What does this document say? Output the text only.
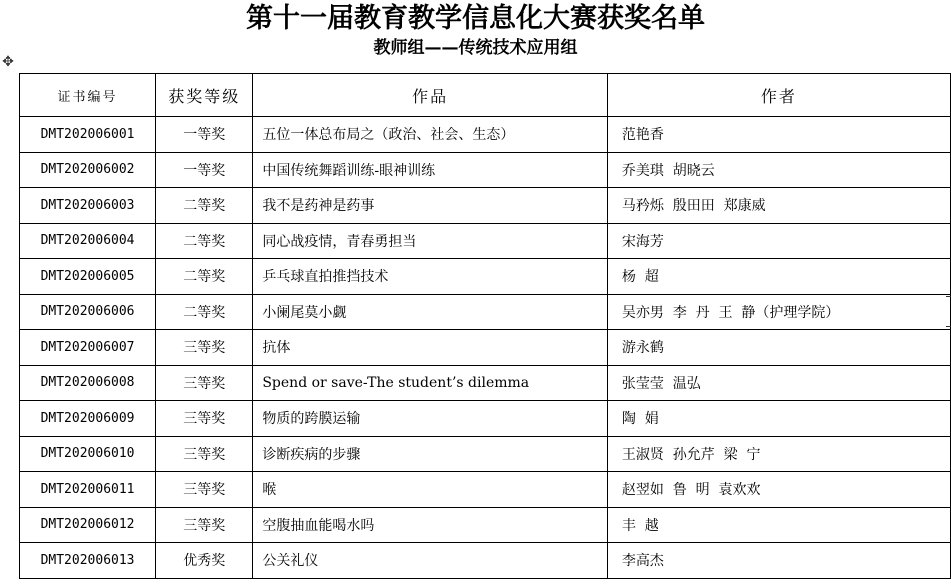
第十一届教育教学信息化大赛获奖名单
教师组——传统技术应用组
✥
证书编号	获奖等级	作品	作者
DMT202006001	一等奖	五位一体总布局之（政治、社会、生态）	范艳香
DMT202006002	一等奖	中国传统舞蹈训练-眼神训练	乔美琪  胡晓云
DMT202006003	二等奖	我不是药神是药事	马矜烁  殷田田  郑康威
DMT202006004	二等奖	同心战疫情，青春勇担当	宋海芳
DMT202006005	二等奖	乒乓球直拍推挡技术	杨  超
DMT202006006	二等奖	小阑尾莫小觑	吴亦男  李  丹  王  静（护理学院）
DMT202006007	三等奖	抗体	游永鹤
DMT202006008	三等奖	Spend or save-The student’s dilemma	张莹莹  温弘
DMT202006009	三等奖	物质的跨膜运输	陶  娟
DMT202006010	三等奖	诊断疾病的步骤	王淑贤  孙允芹  梁  宁
DMT202006011	三等奖	喉	赵翌如  鲁  明  袁欢欢
DMT202006012	三等奖	空腹抽血能喝水吗	丰  越
DMT202006013	优秀奖	公关礼仪	李高杰
